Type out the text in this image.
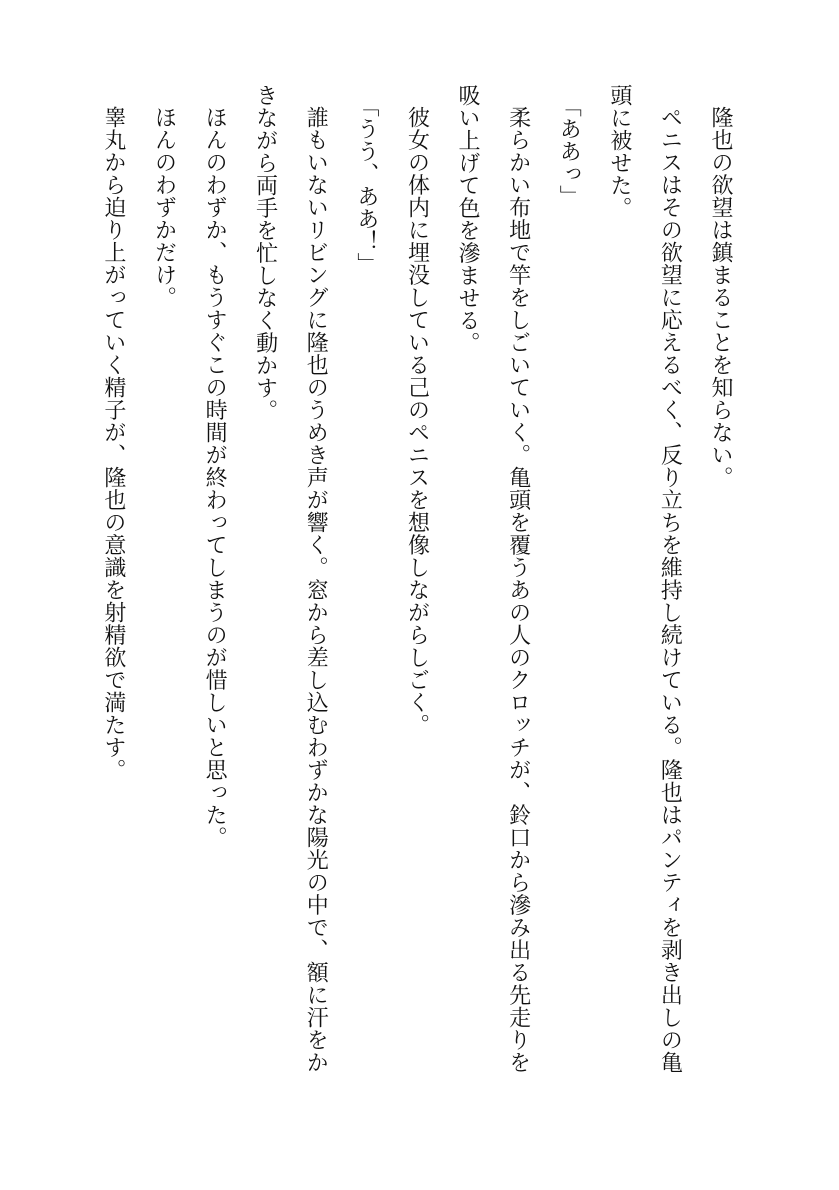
隆也の欲望は鎮まることを知らない。
ペニスはその欲望に応えるべく、反り立ちを維持し続けている。隆也はパンティを剥き出しの亀
頭に被せた。
「ああっ」
柔らかい布地で竿をしごいていく。亀頭を覆うあの人のクロッチが、鈴口から滲み出る先走りを
吸い上げて色を滲ませる。
彼女の体内に埋没している己のペニスを想像しながらしごく。
「うう、ああ！」
誰もいないリビングに隆也のうめき声が響く。窓から差し込むわずかな陽光の中で、額に汗をか
きながら両手を忙しなく動かす。
ほんのわずか、もうすぐこの時間が終わってしまうのが惜しいと思った。
ほんのわずかだけ。
睾丸から迫り上がっていく精子が、隆也の意識を射精欲で満たす。
